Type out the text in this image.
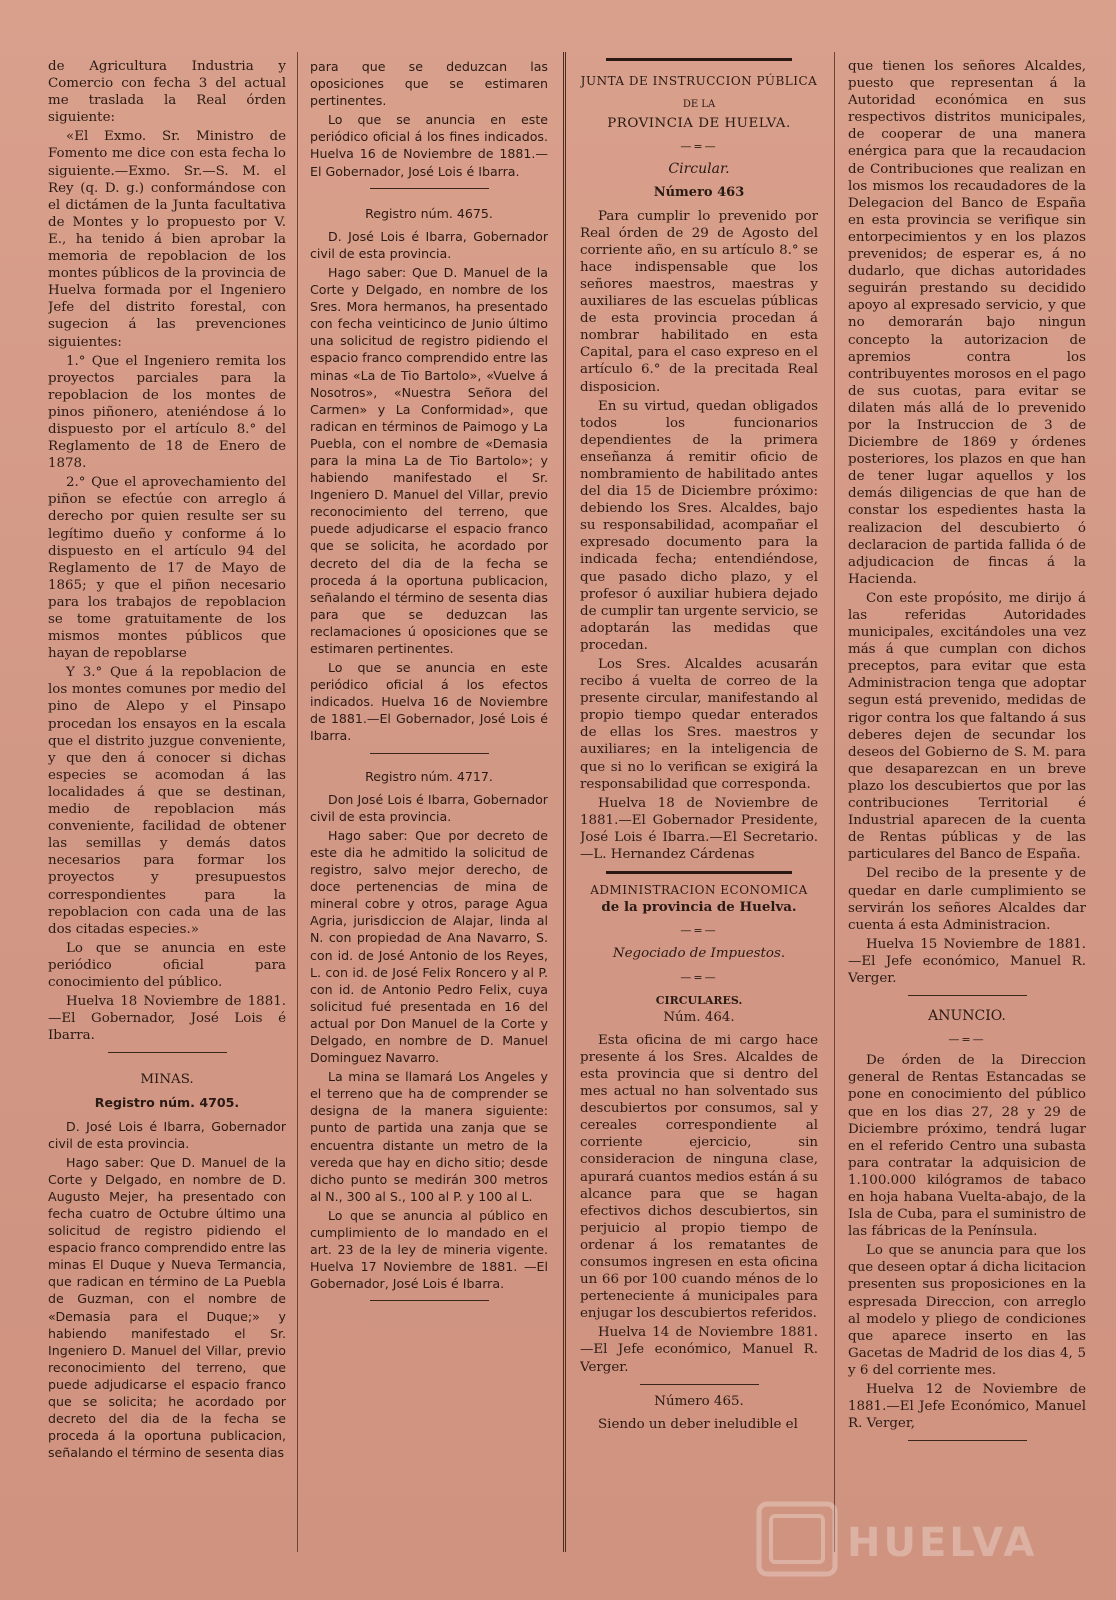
de Agricultura Industria y Comercio con fecha 3 del actual me traslada la Real órden siguiente:

«El Exmo. Sr. Ministro de Fomento me dice con esta fecha lo siguiente.—Exmo. Sr.—S. M. el Rey (q. D. g.) conformándose con el dictámen de la Junta facultativa de Montes y lo propuesto por V. E., ha tenido á bien aprobar la memoria de repoblacion de los montes públicos de la provincia de Huelva formada por el Ingeniero Jefe del distrito forestal, con sugecion á las prevenciones siguientes:

1.° Que el Ingeniero remita los proyectos parciales para la repoblacion de los montes de pinos piñonero, ateniéndose á lo dispuesto por el artículo 8.° del Reglamento de 18 de Enero de 1878.

2.° Que el aprovechamiento del piñon se efectúe con arreglo á derecho por quien resulte ser su legítimo dueño y conforme á lo dispuesto en el artículo 94 del Reglamento de 17 de Mayo de 1865; y que el piñon necesario para los trabajos de repoblacion se tome gratuitamente de los mismos montes públicos que hayan de repoblarse

Y 3.° Que á la repoblacion de los montes comunes por medio del pino de Alepo y el Pinsapo procedan los ensayos en la escala que el distrito juzgue conveniente, y que den á conocer si dichas especies se acomodan á las localidades á que se destinan, medio de repoblacion más conveniente, facilidad de obtener las semillas y demás datos necesarios para formar los proyectos y presupuestos correspondientes para la repoblacion con cada una de las dos citadas especies.»

Lo que se anuncia en este periódico oficial para conocimiento del público.

Huelva 18 Noviembre de 1881. —El Gobernador, José Lois é Ibarra.

MINAS.
Registro núm. 4705.

D. José Lois é Ibarra, Gobernador civil de esta provincia.

Hago saber: Que D. Manuel de la Corte y Delgado, en nombre de D. Augusto Mejer, ha presentado con fecha cuatro de Octubre último una solicitud de registro pidiendo el espacio franco comprendido entre las minas El Duque y Nueva Termancia, que radican en término de La Puebla de Guzman, con el nombre de «Demasia para el Duque;» y habiendo manifestado el Sr. Ingeniero D. Manuel del Villar, previo reconocimiento del terreno, que puede adjudicarse el espacio franco que se solicita; he acordado por decreto del dia de la fecha se proceda á la oportuna publicacion, señalando el término de sesenta dias

para que se deduzcan las oposiciones que se estimaren pertinentes.

Lo que se anuncia en este periódico oficial á los fines indicados. Huelva 16 de Noviembre de 1881.—El Gobernador, José Lois é Ibarra.

Registro núm. 4675.

D. José Lois é Ibarra, Gobernador civil de esta provincia.

Hago saber: Que D. Manuel de la Corte y Delgado, en nombre de los Sres. Mora hermanos, ha presentado con fecha veinticinco de Junio último una solicitud de registro pidiendo el espacio franco comprendido entre las minas «La de Tio Bartolo», «Vuelve á Nosotros», «Nuestra Señora del Carmen» y La Conformidad», que radican en términos de Paimogo y La Puebla, con el nombre de «Demasia para la mina La de Tio Bartolo»; y habiendo manifestado el Sr. Ingeniero D. Manuel del Villar, previo reconocimiento del terreno, que puede adjudicarse el espacio franco que se solicita, he acordado por decreto del dia de la fecha se proceda á la oportuna publicacion, señalando el término de sesenta dias para que se deduzcan las reclamaciones ú oposiciones que se estimaren pertinentes.

Lo que se anuncia en este periódico oficial á los efectos indicados. Huelva 16 de Noviembre de 1881.—El Gobernador, José Lois é Ibarra.

Registro núm. 4717.

Don José Lois é Ibarra, Gobernador civil de esta provincia.

Hago saber: Que por decreto de este dia he admitido la solicitud de registro, salvo mejor derecho, de doce pertenencias de mina de mineral cobre y otros, parage Agua Agria, jurisdiccion de Alajar, linda al N. con propiedad de Ana Navarro, S. con id. de José Antonio de los Reyes, L. con id. de José Felix Roncero y al P. con id. de Antonio Pedro Felix, cuya solicitud fué presentada en 16 del actual por Don Manuel de la Corte y Delgado, en nombre de D. Manuel Dominguez Navarro.

La mina se llamará Los Angeles y el terreno que ha de comprender se designa de la manera siguiente: punto de partida una zanja que se encuentra distante un metro de la vereda que hay en dicho sitio; desde dicho punto se medirán 300 metros al N., 300 al S., 100 al P. y 100 al L.

Lo que se anuncia al público en cumplimiento de lo mandado en el art. 23 de la ley de mineria vigente. Huelva 17 Noviembre de 1881. —El Gobernador, José Lois é Ibarra.

JUNTA DE INSTRUCCION PÚBLICA
DE LA
PROVINCIA DE HUELVA.
—=—
Circular.
Número 463

Para cumplir lo prevenido por Real órden de 29 de Agosto del corriente año, en su artículo 8.° se hace indispensable que los señores maestros, maestras y auxiliares de las escuelas públicas de esta provincia procedan á nombrar habilitado en esta Capital, para el caso expreso en el artículo 6.° de la precitada Real disposicion.

En su virtud, quedan obligados todos los funcionarios dependientes de la primera enseñanza á remitir oficio de nombramiento de habilitado antes del dia 15 de Diciembre próximo: debiendo los Sres. Alcaldes, bajo su responsabilidad, acompañar el expresado documento para la indicada fecha; entendiéndose, que pasado dicho plazo, y el profesor ó auxiliar hubiera dejado de cumplir tan urgente servicio, se adoptarán las medidas que procedan.

Los Sres. Alcaldes acusarán recibo á vuelta de correo de la presente circular, manifestando al propio tiempo quedar enterados de ellas los Sres. maestros y auxiliares; en la inteligencia de que si no lo verifican se exigirá la responsabilidad que corresponda.

Huelva 18 de Noviembre de 1881.—El Gobernador Presidente, José Lois é Ibarra.—El Secretario.—L. Hernandez Cárdenas

ADMINISTRACION ECONOMICA
de la provincia de Huelva.
—=—
Negociado de Impuestos.
—=—
CIRCULARES.
Núm. 464.

Esta oficina de mi cargo hace presente á los Sres. Alcaldes de esta provincia que si dentro del mes actual no han solventado sus descubiertos por consumos, sal y cereales correspondiente al corriente ejercicio, sin consideracion de ninguna clase, apurará cuantos medios están á su alcance para que se hagan efectivos dichos descubiertos, sin perjuicio al propio tiempo de ordenar á los rematantes de consumos ingresen en esta oficina un 66 por 100 cuando ménos de lo perteneciente á municipales para enjugar los descubiertos referidos.

Huelva 14 de Noviembre 1881. —El Jefe económico, Manuel R. Verger.

Número 465.

Siendo un deber ineludible el

que tienen los señores Alcaldes, puesto que representan á la Autoridad económica en sus respectivos distritos municipales, de cooperar de una manera enérgica para que la recaudacion de Contribuciones que realizan en los mismos los recaudadores de la Delegacion del Banco de España en esta provincia se verifique sin entorpecimientos y en los plazos prevenidos; de esperar es, á no dudarlo, que dichas autoridades seguirán prestando su decidido apoyo al expresado servicio, y que no demorarán bajo ningun concepto la autorizacion de apremios contra los contribuyentes morosos en el pago de sus cuotas, para evitar se dilaten más allá de lo prevenido por la Instruccion de 3 de Diciembre de 1869 y órdenes posteriores, los plazos en que han de tener lugar aquellos y los demás diligencias de que han de constar los espedientes hasta la realizacion del descubierto ó declaracion de partida fallida ó de adjudicacion de fincas á la Hacienda.

Con este propósito, me dirijo á las referidas Autoridades municipales, excitándoles una vez más á que cumplan con dichos preceptos, para evitar que esta Administracion tenga que adoptar segun está prevenido, medidas de rigor contra los que faltando á sus deberes dejen de secundar los deseos del Gobierno de S. M. para que desaparezcan en un breve plazo los descubiertos que por las contribuciones Territorial é Industrial aparecen de la cuenta de Rentas públicas y de las particulares del Banco de España.

Del recibo de la presente y de quedar en darle cumplimiento se servirán los señores Alcaldes dar cuenta á esta Administracion.

Huelva 15 Noviembre de 1881. —El Jefe económico, Manuel R. Verger.

ANUNCIO.
—=—

De órden de la Direccion general de Rentas Estancadas se pone en conocimiento del público que en los dias 27, 28 y 29 de Diciembre próximo, tendrá lugar en el referido Centro una subasta para contratar la adquisicion de 1.100.000 kilógramos de tabaco en hoja habana Vuelta-abajo, de la Isla de Cuba, para el suministro de las fábricas de la Península.

Lo que se anuncia para que los que deseen optar á dicha licitacion presenten sus proposiciones en la espresada Direccion, con arreglo al modelo y pliego de condiciones que aparece inserto en las Gacetas de Madrid de los dias 4, 5 y 6 del corriente mes.

Huelva 12 de Noviembre de 1881.—El Jefe Económico, Manuel R. Verger,

HUELVA
